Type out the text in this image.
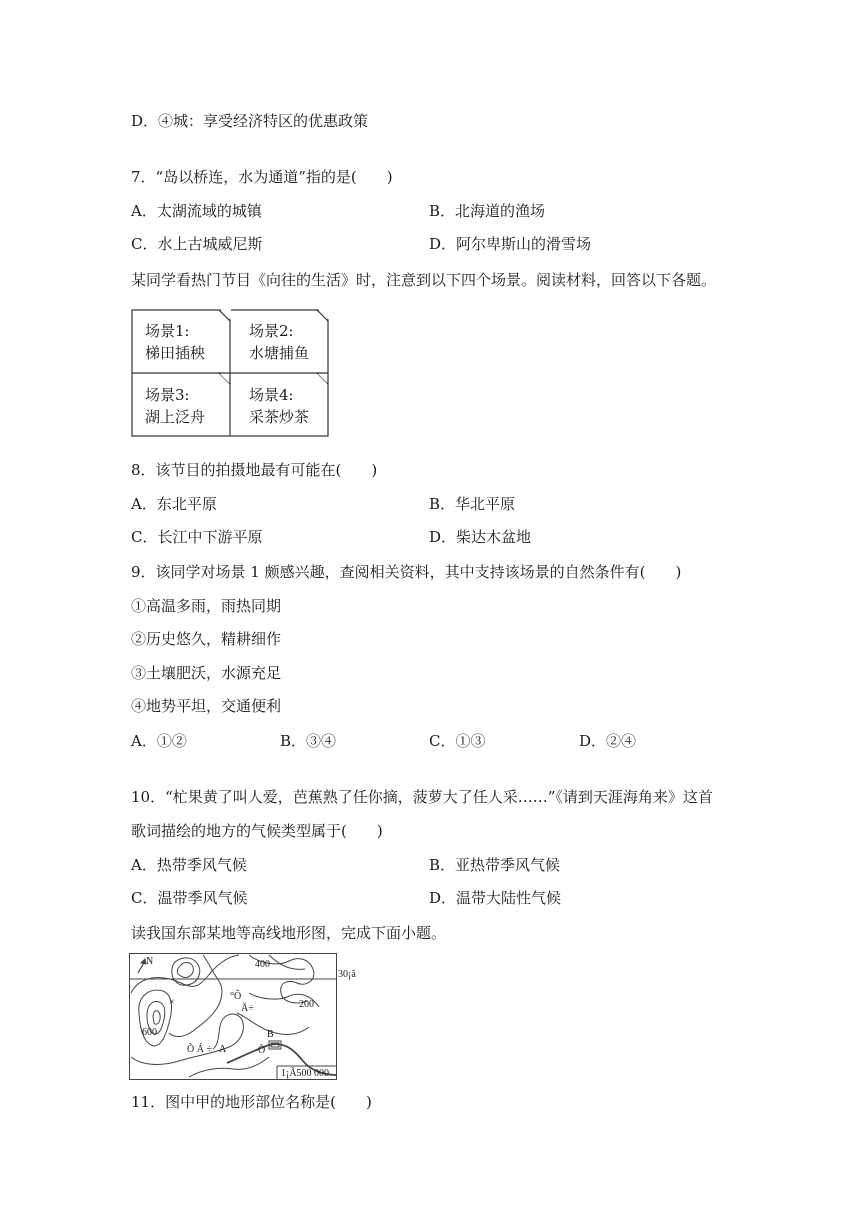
D．④城：享受经济特区的优惠政策
7．“岛以桥连，水为通道”指的是(　　)
A．太湖流域的城镇	B．北海道的渔场
C．水上古城威尼斯	D．阿尔卑斯山的滑雪场
某同学看热门节目《向往的生活》时，注意到以下四个场景。阅读材料，回答以下各题。
场景1:
梯田插秧
场景2:
水塘捕鱼
场景3:
湖上泛舟
场景4:
采茶炒茶
8．该节目的拍摄地最有可能在(　　)
A．东北平原	B．华北平原
C．长江中下游平原	D．柴达木盆地
9．该同学对场景 1 颇感兴趣，查阅相关资料，其中支持该场景的自然条件有(　　)
①高温多雨，雨热同期
②历史悠久，精耕细作
③土壤肥沃，水源充足
④地势平坦，交通便利
A．①②	B．③④	C．①③	D．②④
10．“杧果黄了叫人爱，芭蕉熟了任你摘，菠萝大了任人采……”《请到天涯海角来》这首
歌词描绘的地方的气候类型属于(　　)
A．热带季风气候	B．亚热带季风气候
C．温带季风气候	D．温带大陆性气候
读我国东部某地等高线地形图，完成下面小题。
N	400
30¡ã
×
°Ô
Ä÷	200
600	B
Õ Á ÷ A	Õ
1¡Ã500 000
11．图中甲的地形部位名称是(　　)
